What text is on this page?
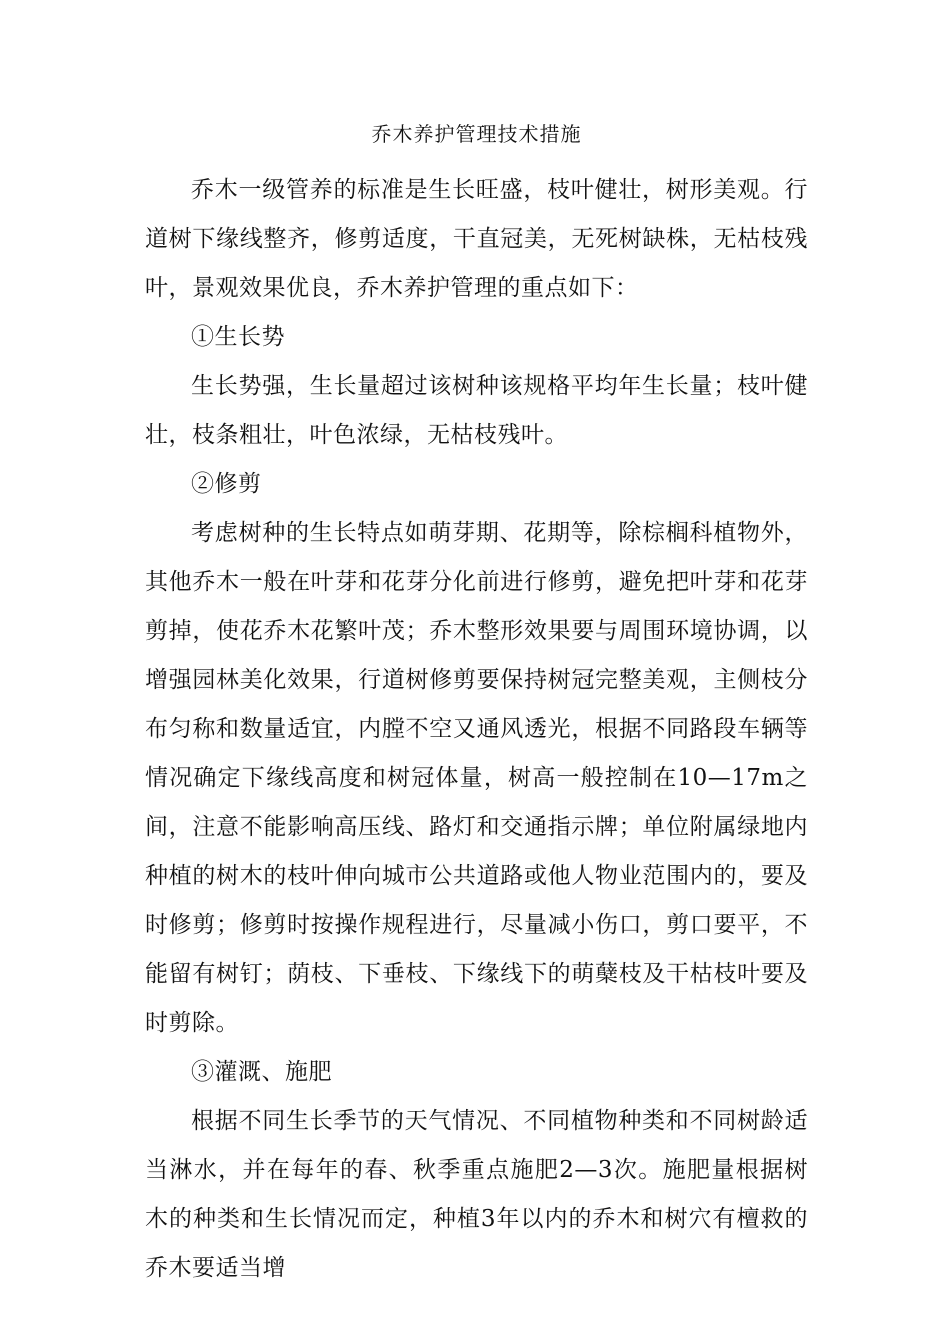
乔木养护管理技术措施

乔木一级管养的标准是生长旺盛，枝叶健壮，树形美观。行道树下缘线整齐，修剪适度，干直冠美，无死树缺株，无枯枝残叶，景观效果优良，乔木养护管理的重点如下：

①生长势

生长势强，生长量超过该树种该规格平均年生长量；枝叶健壮，枝条粗壮，叶色浓绿，无枯枝残叶。

②修剪

考虑树种的生长特点如萌芽期、花期等，除棕榈科植物外，其他乔木一般在叶芽和花芽分化前进行修剪，避免把叶芽和花芽剪掉，使花乔木花繁叶茂；乔木整形效果要与周围环境协调，以增强园林美化效果，行道树修剪要保持树冠完整美观，主侧枝分布匀称和数量适宜，内膛不空又通风透光，根据不同路段车辆等情况确定下缘线高度和树冠体量，树高一般控制在10—17m之间，注意不能影响高压线、路灯和交通指示牌；单位附属绿地内种植的树木的枝叶伸向城市公共道路或他人物业范围内的，要及时修剪；修剪时按操作规程进行，尽量减小伤口，剪口要平，不能留有树钉；荫枝、下垂枝、下缘线下的萌蘖枝及干枯枝叶要及时剪除。

③灌溉、施肥

根据不同生长季节的天气情况、不同植物种类和不同树龄适当淋水，并在每年的春、秋季重点施肥2—3次。施肥量根据树木的种类和生长情况而定，种植3年以内的乔木和树穴有檀救的乔木要适当增
